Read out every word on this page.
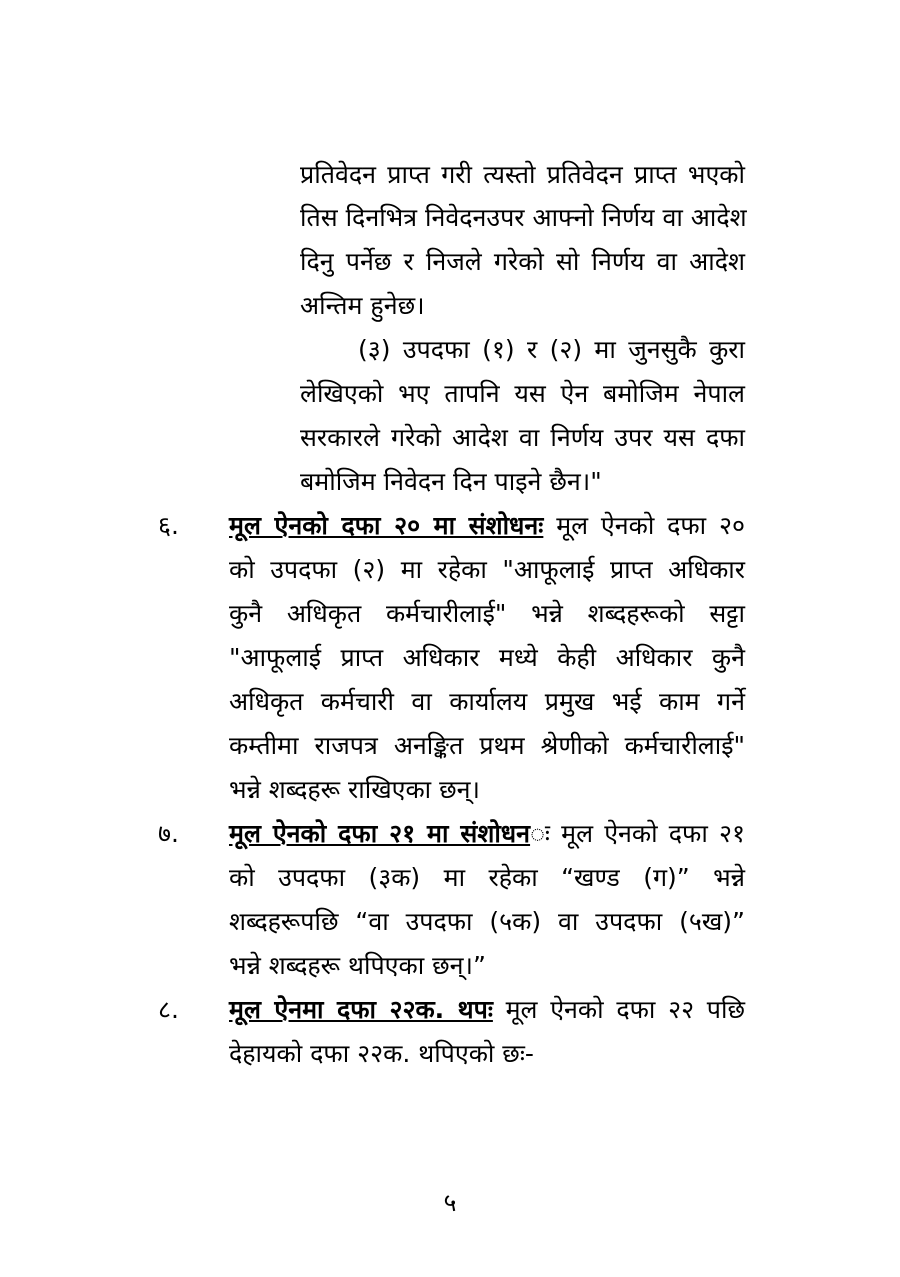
प्रतिवेदन प्राप्त गरी त्यस्तो प्रतिवेदन प्राप्त भएको
तिस दिनभित्र निवेदनउपर आफ्नो निर्णय वा आदेश
दिनु पर्नेछ र निजले गरेको सो निर्णय वा आदेश
अन्तिम हुनेछ।
(३) उपदफा (१) र (२) मा जुनसुकै कुरा
लेखिएको भए तापनि यस ऐन बमोजिम नेपाल
सरकारले गरेको आदेश वा निर्णय उपर यस दफा
बमोजिम निवेदन दिन पाइने छैन।"
६. मूल ऐनको दफा २० मा संशोधनः मूल ऐनको दफा २०
को उपदफा (२) मा रहेका "आफूलाई प्राप्त अधिकार
कुनै अधिकृत कर्मचारीलाई" भन्ने शब्दहरूको सट्टा
"आफूलाई प्राप्त अधिकार मध्ये केही अधिकार कुनै
अधिकृत कर्मचारी वा कार्यालय प्रमुख भई काम गर्ने
कम्तीमा राजपत्र अनङ्कित प्रथम श्रेणीको कर्मचारीलाई"
भन्ने शब्दहरू राखिएका छन्।
७. मूल ऐनको दफा २१ मा संशोधनः मूल ऐनको दफा २१
को उपदफा (३क) मा रहेका “खण्ड (ग)” भन्ने
शब्दहरूपछि “वा उपदफा (५क) वा उपदफा (५ख)”
भन्ने शब्दहरू थपिएका छन्।”
८. मूल ऐनमा दफा २२क. थपः मूल ऐनको दफा २२ पछि
देहायको दफा २२क. थपिएको छः-
५
